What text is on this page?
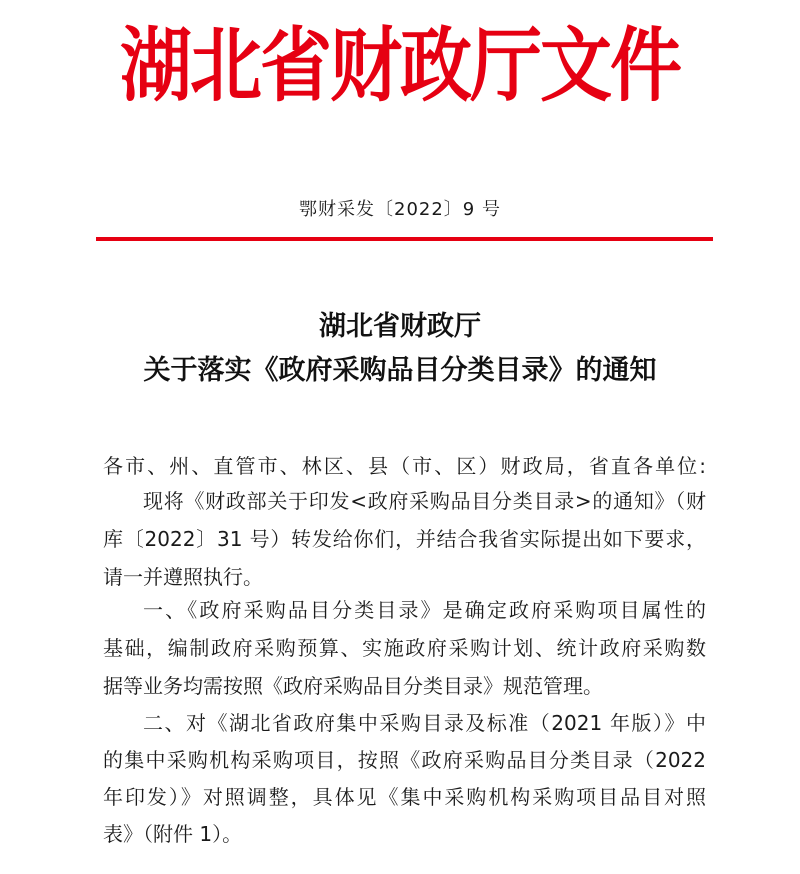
湖北省财政厅文件
鄂财采发〔2022〕9 号
湖北省财政厅
关于落实《政府采购品目分类目录》的通知
各市、州、直管市、林区、县（市、区）财政局，省直各单位:
现将《财政部关于印发<政府采购品目分类目录>的通知》（财
库〔2022〕31 号）转发给你们，并结合我省实际提出如下要求，
请一并遵照执行。
一、《政府采购品目分类目录》是确定政府采购项目属性的
基础，编制政府采购预算、实施政府采购计划、统计政府采购数
据等业务均需按照《政府采购品目分类目录》规范管理。
二、对《湖北省政府集中采购目录及标准（2021 年版）》中
的集中采购机构采购项目，按照《政府采购品目分类目录（2022
年印发）》对照调整，具体见《集中采购机构采购项目品目对照
表》（附件 1）。
